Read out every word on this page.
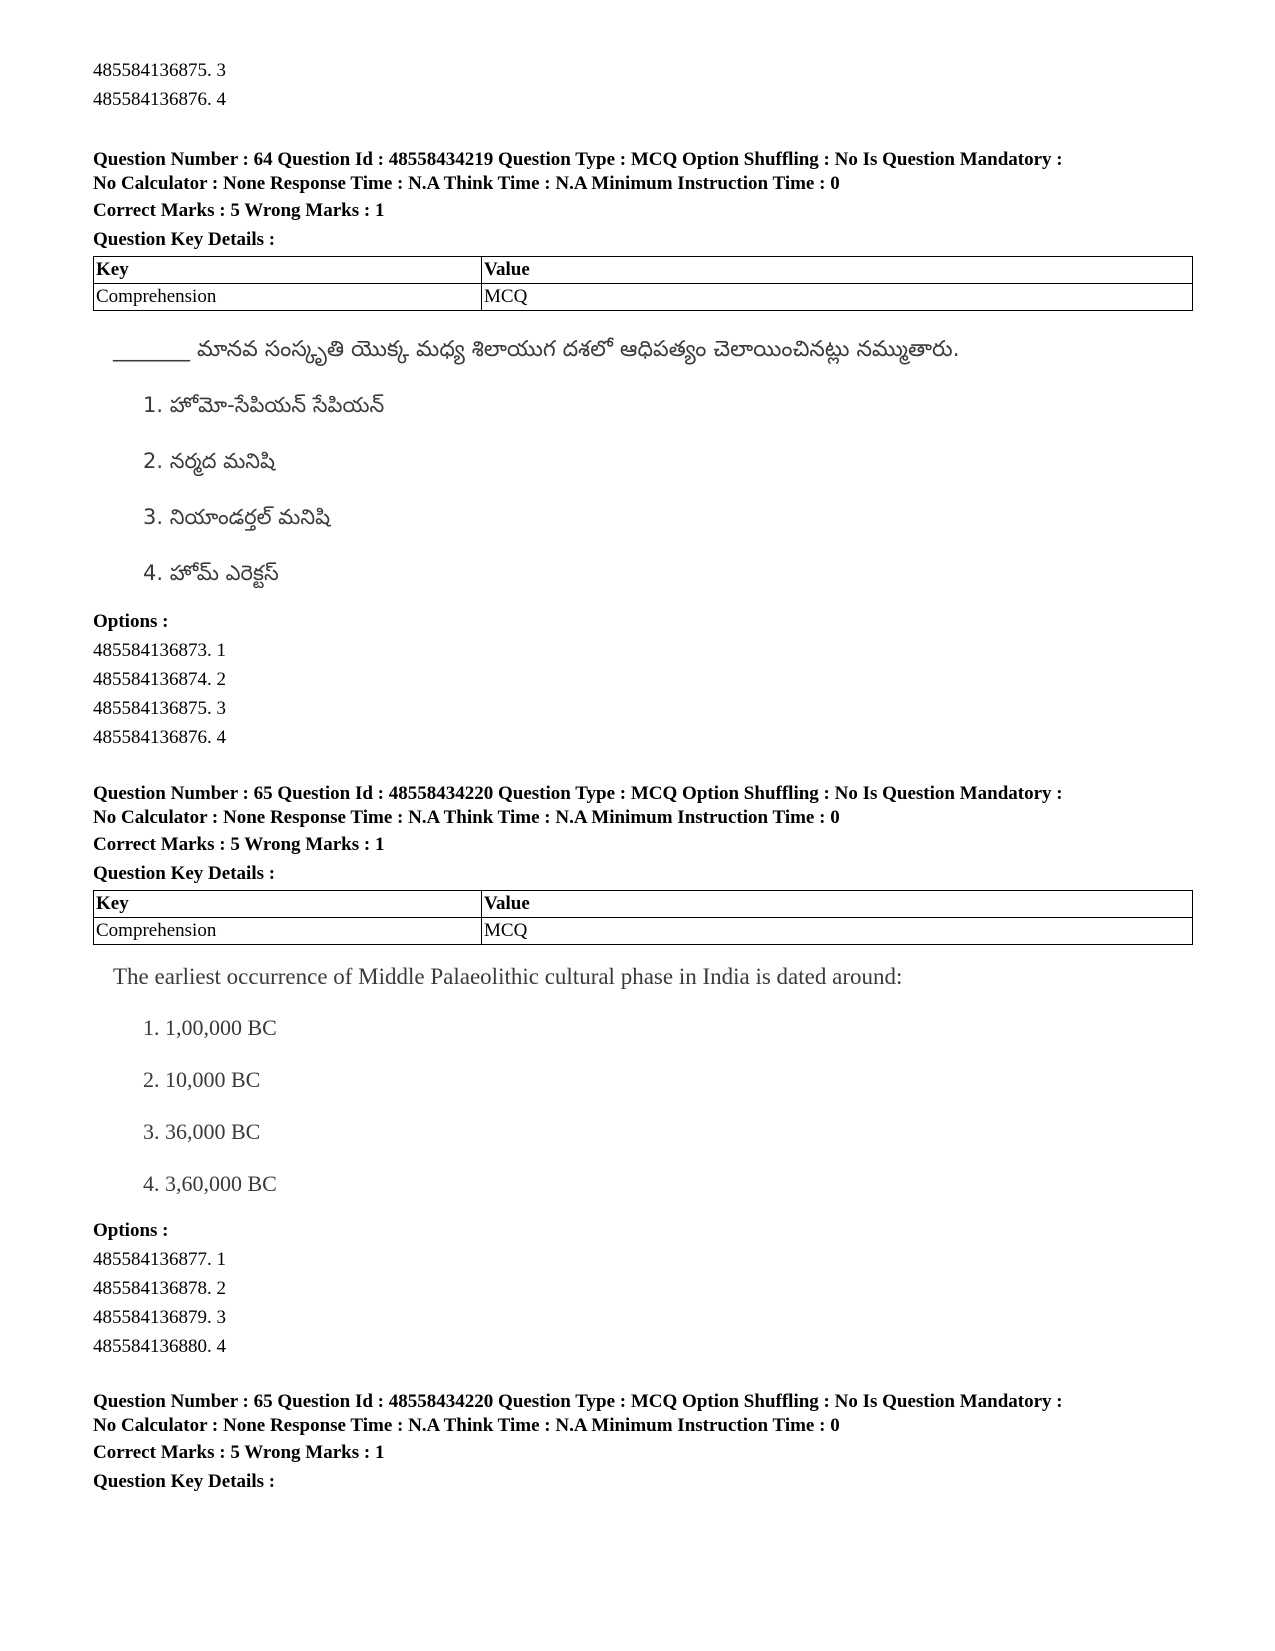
485584136875. 3
485584136876. 4
Question Number : 64 Question Id : 48558434219 Question Type : MCQ Option Shuffling : No Is Question Mandatory :
No Calculator : None Response Time : N.A Think Time : N.A Minimum Instruction Time : 0
Correct Marks : 5 Wrong Marks : 1
Question Key Details :
Key	Value
Comprehension	MCQ
_______ మానవ సంస్కృతి యొక్క మధ్య శిలాయుగ దశలో ఆధిపత్యం చెలాయించినట్లు నమ్ముతారు.
1. హోమో-సేపియన్ సేపియన్
2. నర్మద మనిషి
3. నియాండర్తల్ మనిషి
4. హోమ్ ఎరెక్టస్
Options :
485584136873. 1
485584136874. 2
485584136875. 3
485584136876. 4
Question Number : 65 Question Id : 48558434220 Question Type : MCQ Option Shuffling : No Is Question Mandatory :
No Calculator : None Response Time : N.A Think Time : N.A Minimum Instruction Time : 0
Correct Marks : 5 Wrong Marks : 1
Question Key Details :
Key	Value
Comprehension	MCQ
The earliest occurrence of Middle Palaeolithic cultural phase in India is dated around:
1. 1,00,000 BC
2. 10,000 BC
3. 36,000 BC
4. 3,60,000 BC
Options :
485584136877. 1
485584136878. 2
485584136879. 3
485584136880. 4
Question Number : 65 Question Id : 48558434220 Question Type : MCQ Option Shuffling : No Is Question Mandatory :
No Calculator : None Response Time : N.A Think Time : N.A Minimum Instruction Time : 0
Correct Marks : 5 Wrong Marks : 1
Question Key Details :
